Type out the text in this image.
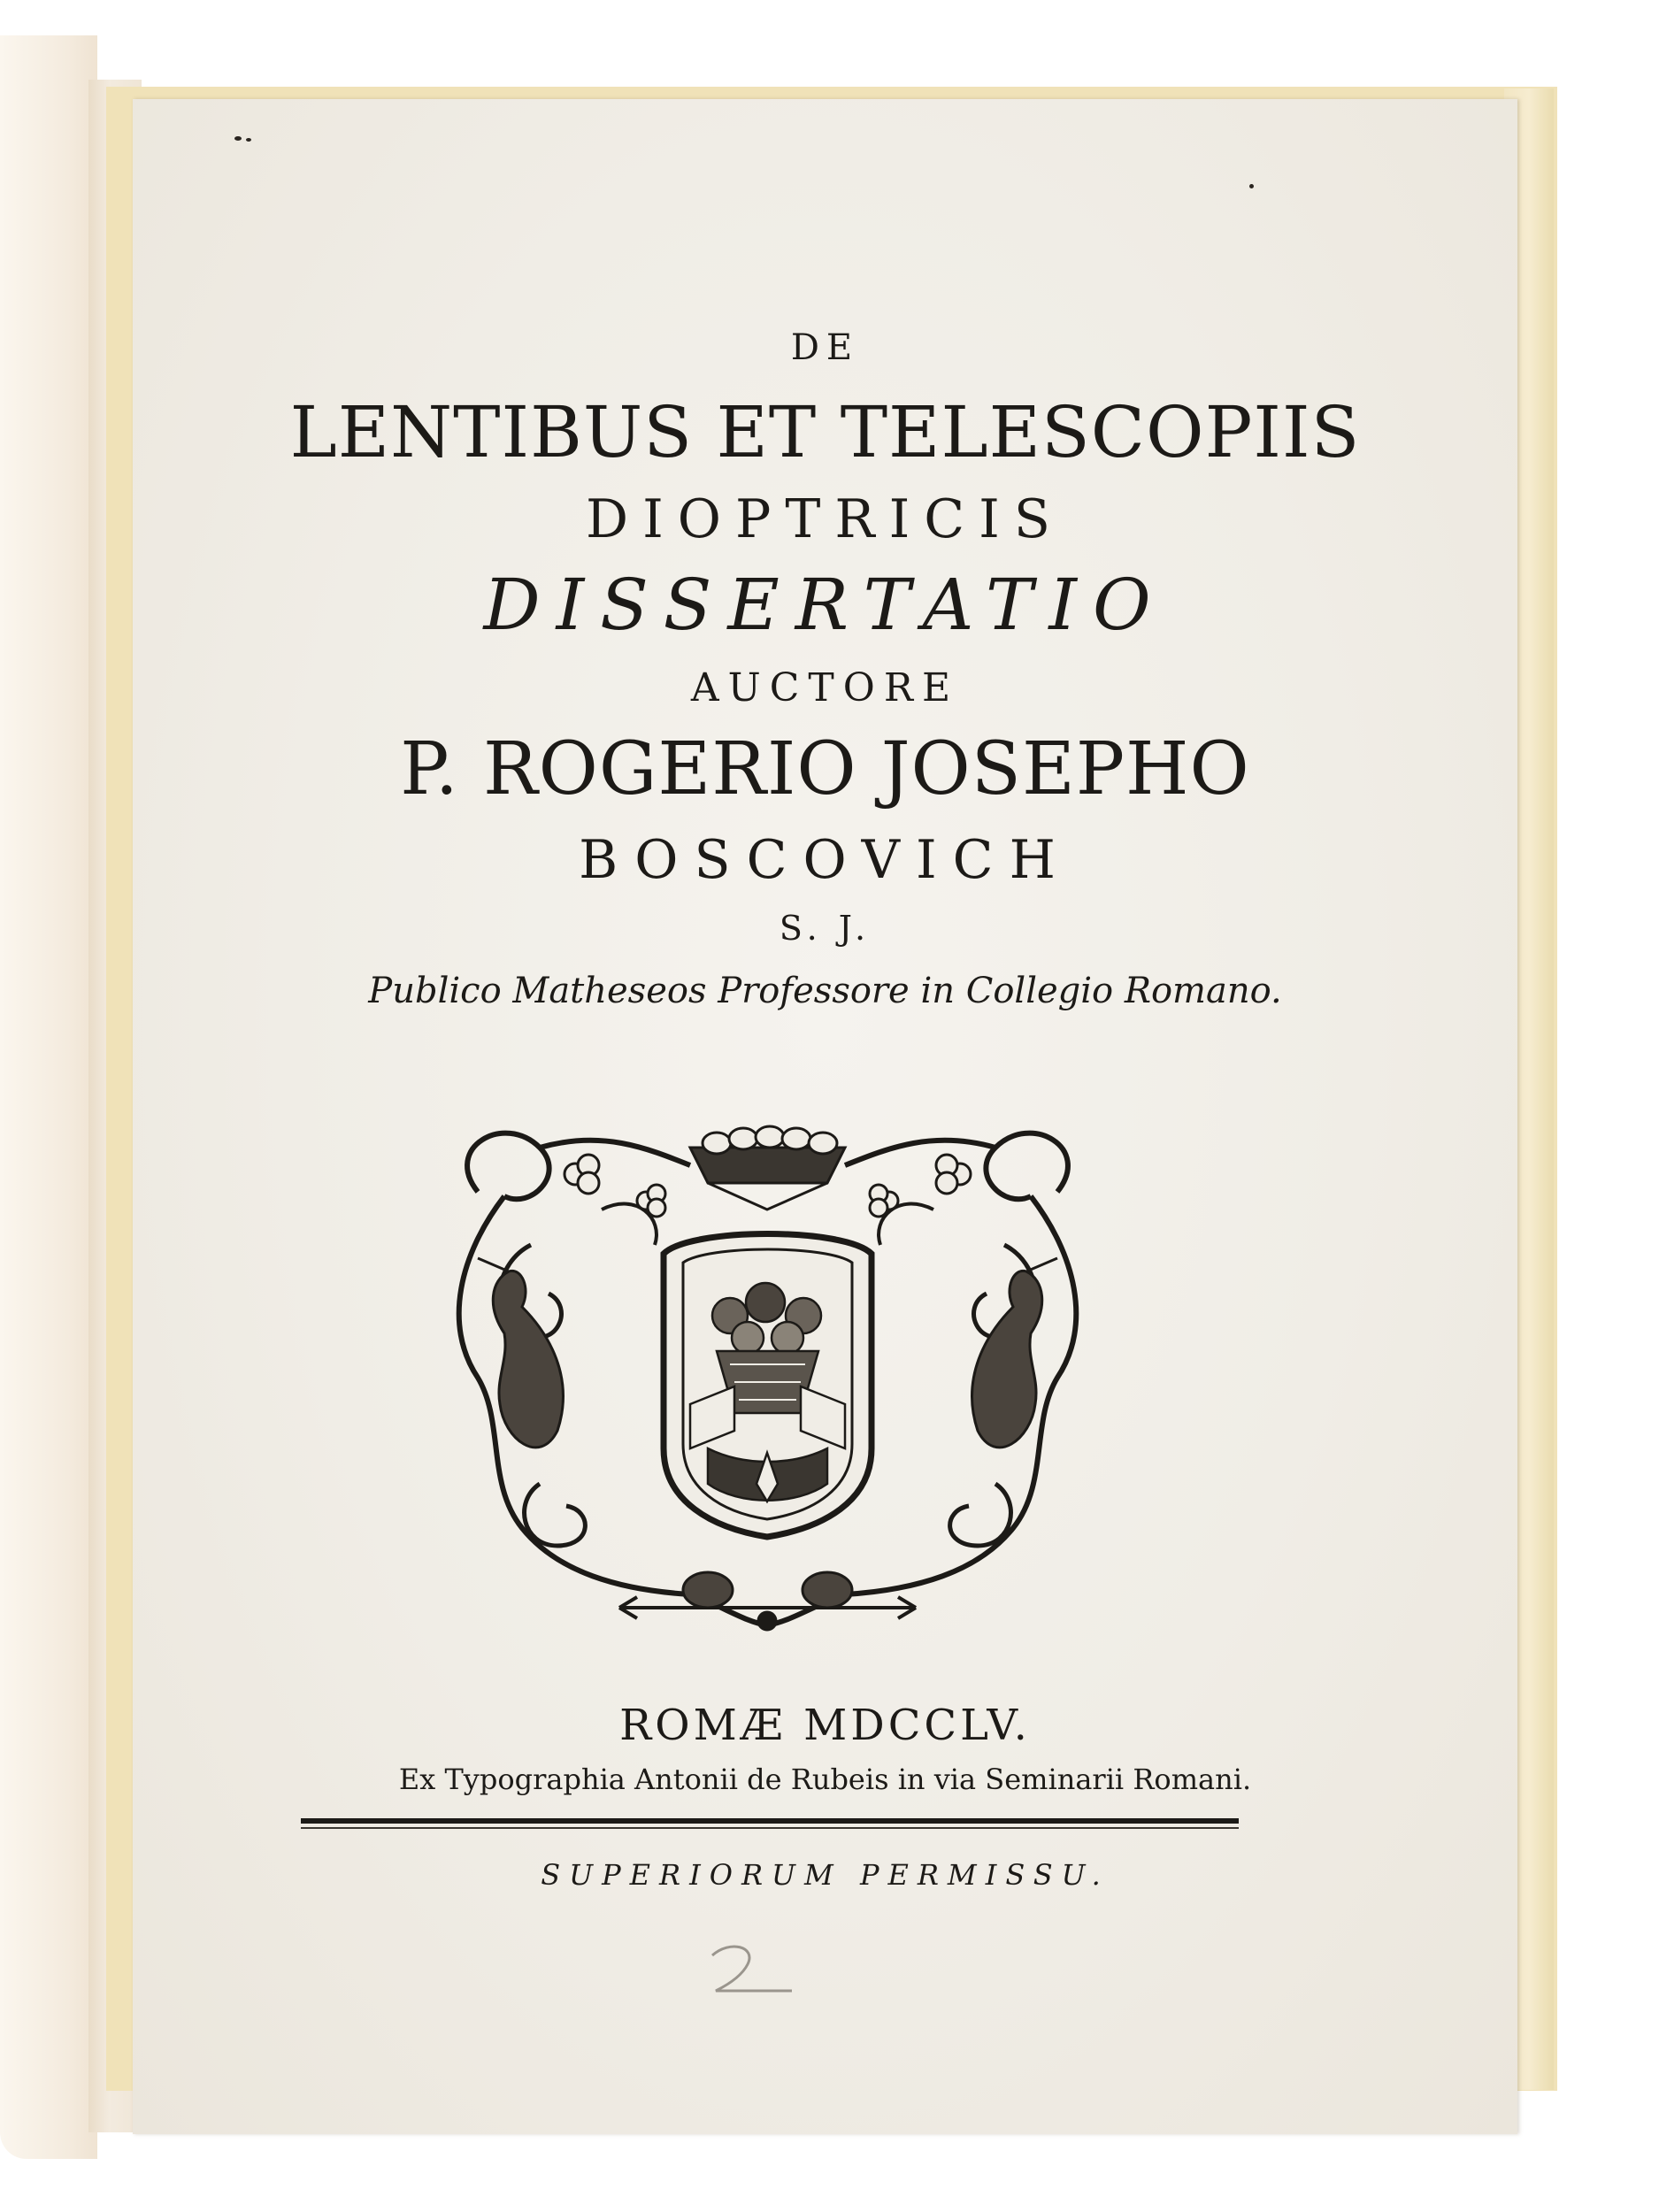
DE
LENTIBUS ET TELESCOPIIS
DIOPTRICIS
DISSERTATIO
AUCTORE
P. ROGERIO JOSEPHO
BOSCOVICH
S. J.
Publico Matheseos Professore in Collegio Romano.
ROMÆ MDCCLV.
Ex Typographia Antonii de Rubeis in via Seminarii Romani.
SUPERIORUM PERMISSU.
